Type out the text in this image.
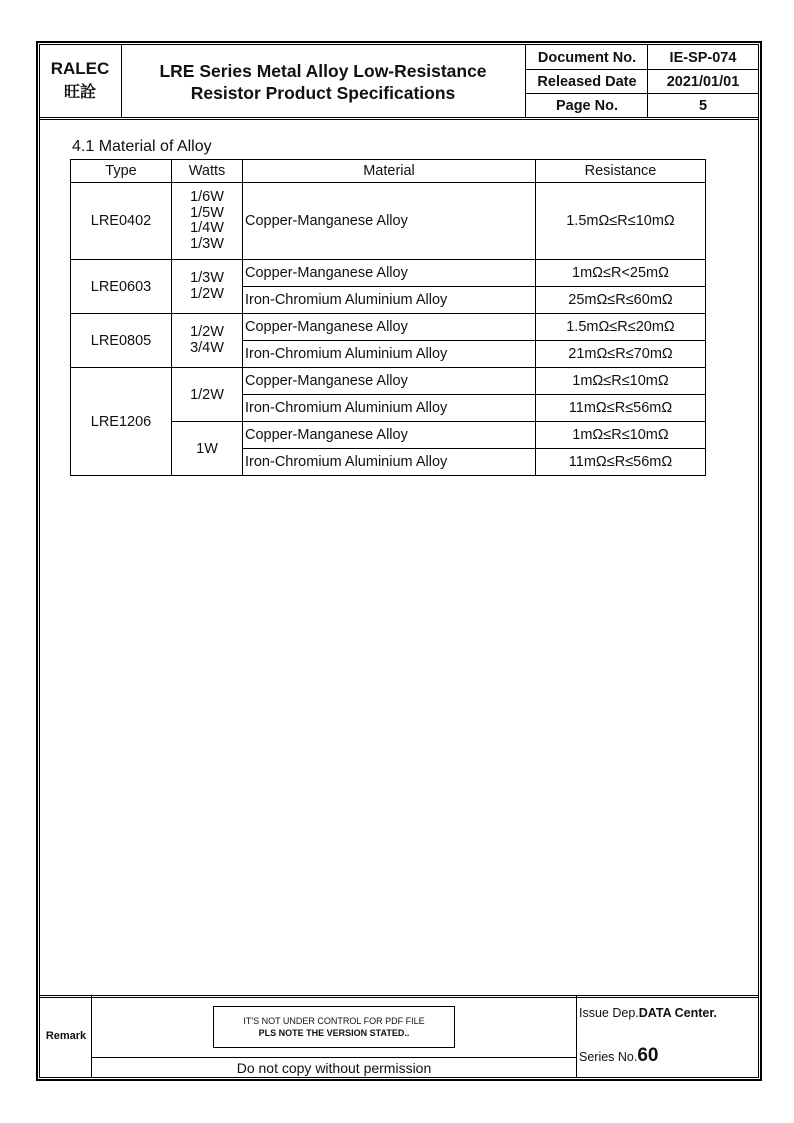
RALEC
旺詮
LRE Series Metal Alloy Low-Resistance
Resistor Product Specifications
Document No.	IE-SP-074
Released Date	2021/01/01
Page No.	5
4.1 Material of Alloy
Type	Watts	Material	Resistance
LRE0402	1/6W
1/5W
1/4W
1/3W	Copper-Manganese Alloy	1.5mΩ≤R≤10mΩ
LRE0603	1/3W
1/2W	Copper-Manganese Alloy	1mΩ≤R<25mΩ
		Iron-Chromium Aluminium Alloy	25mΩ≤R≤60mΩ
LRE0805	1/2W
3/4W	Copper-Manganese Alloy	1.5mΩ≤R≤20mΩ
		Iron-Chromium Aluminium Alloy	21mΩ≤R≤70mΩ
LRE1206	1/2W	Copper-Manganese Alloy	1mΩ≤R≤10mΩ
		Iron-Chromium Aluminium Alloy	11mΩ≤R≤56mΩ
	1W	Copper-Manganese Alloy	1mΩ≤R≤10mΩ
		Iron-Chromium Aluminium Alloy	11mΩ≤R≤56mΩ
Remark
IT'S NOT UNDER CONTROL FOR PDF FILE
PLS NOTE THE VERSION STATED..
Do not copy without permission
Issue Dep.DATA Center.
Series No.60
